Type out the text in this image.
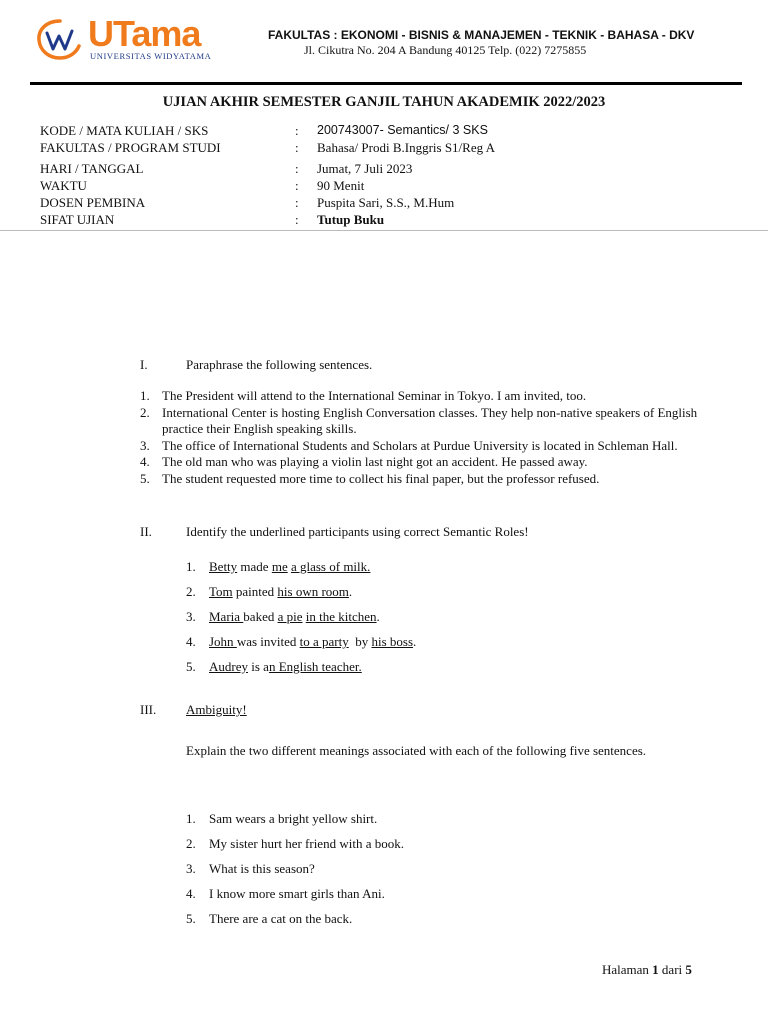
UTama
UNIVERSITAS WIDYATAMA
FAKULTAS : EKONOMI - BISNIS & MANAJEMEN - TEKNIK - BAHASA - DKV
Jl. Cikutra No. 204 A Bandung 40125 Telp. (022) 7275855
UJIAN AKHIR SEMESTER GANJIL TAHUN AKADEMIK 2022/2023
KODE / MATA KULIAH / SKS	:	200743007- Semantics/ 3 SKS
FAKULTAS / PROGRAM STUDI	:	Bahasa/ Prodi B.Inggris S1/Reg A
HARI / TANGGAL	:	Jumat, 7 Juli 2023
WAKTU	:	90 Menit
DOSEN PEMBINA	:	Puspita Sari, S.S., M.Hum
SIFAT UJIAN	:	Tutup Buku
I.	Paraphrase the following sentences.
1. The President will attend to the International Seminar in Tokyo. I am invited, too.
2. International Center is hosting English Conversation classes. They help non-native speakers of English practice their English speaking skills.
3. The office of International Students and Scholars at Purdue University is located in Schleman Hall.
4. The old man who was playing a violin last night got an accident. He passed away.
5. The student requested more time to collect his final paper, but the professor refused.
II.	Identify the underlined participants using correct Semantic Roles!
1.	Betty made me
a glass of milk.
2.	Tom painted his own room .
3.	Maria baked a pie
in the kitchen .
4.	John was invited to a party by his boss .
5.	Audrey is a n English teacher.
III. Ambiguity!
Explain the two different meanings associated with each of the following five sentences.
1.	Sam wears a bright yellow shirt.
2.	My sister hurt her friend with a book.
3.	What is this season?
4.	I know more smart girls than Ani.
5.	There are a cat on the back.
Halaman 1 dari 5
